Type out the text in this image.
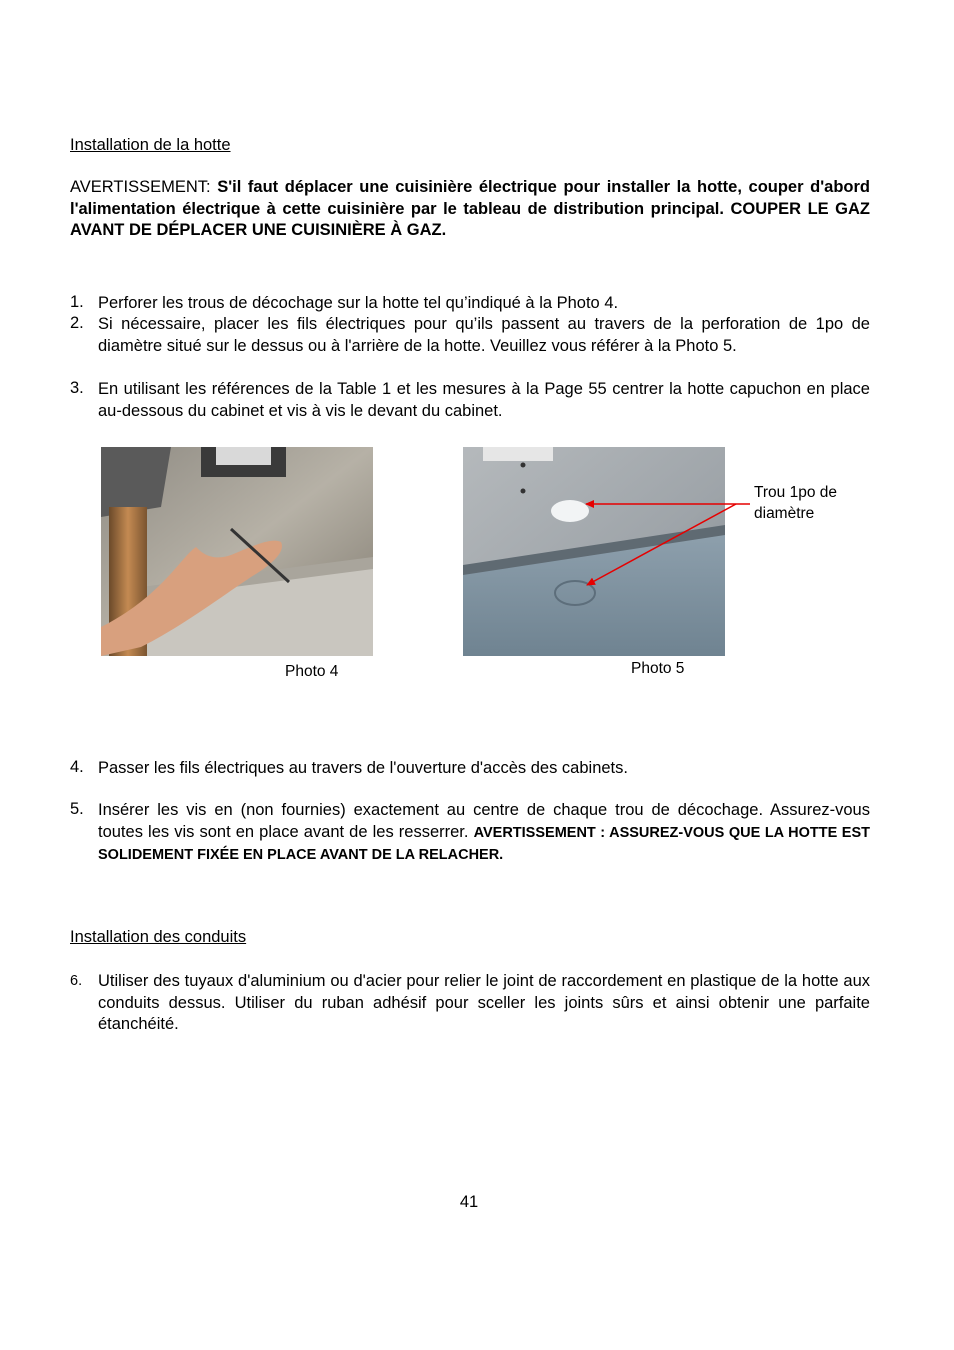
Installation de la hotte
AVERTISSEMENT: S'il faut déplacer une cuisinière électrique pour installer la hotte, couper d'abord l'alimentation électrique à cette cuisinière par le tableau de distribution principal. COUPER LE GAZ AVANT DE DÉPLACER UNE CUISINIÈRE À GAZ.
1. Perforer les trous de décochage sur la hotte tel qu’indiqué à la Photo 4.
2. Si nécessaire, placer les fils électriques pour qu’ils passent au travers de la perforation de 1po de diamètre situé sur le dessus ou à l'arrière de la hotte. Veuillez vous référer à la Photo 5.
3. En utilisant les références de la Table 1 et les mesures à la Page 55 centrer la hotte capuchon en place au-dessous du cabinet et vis à vis le devant du cabinet.
Trou 1po de diamètre
Photo 4	Photo 5
4. Passer les fils électriques au travers de l'ouverture d'accès des cabinets.
5. Insérer les vis en (non fournies) exactement au centre de chaque trou de décochage. Assurez-vous toutes les vis sont en place avant de les resserrer. AVERTISSEMENT : ASSUREZ-VOUS QUE LA HOTTE EST SOLIDEMENT FIXÉE EN PLACE AVANT DE LA RELACHER.
Installation des conduits
6. Utiliser des tuyaux d'aluminium ou d'acier pour relier le joint de raccordement en plastique de la hotte aux conduits dessus. Utiliser du ruban adhésif pour sceller les joints sûrs et ainsi obtenir une parfaite étanchéité.
41
